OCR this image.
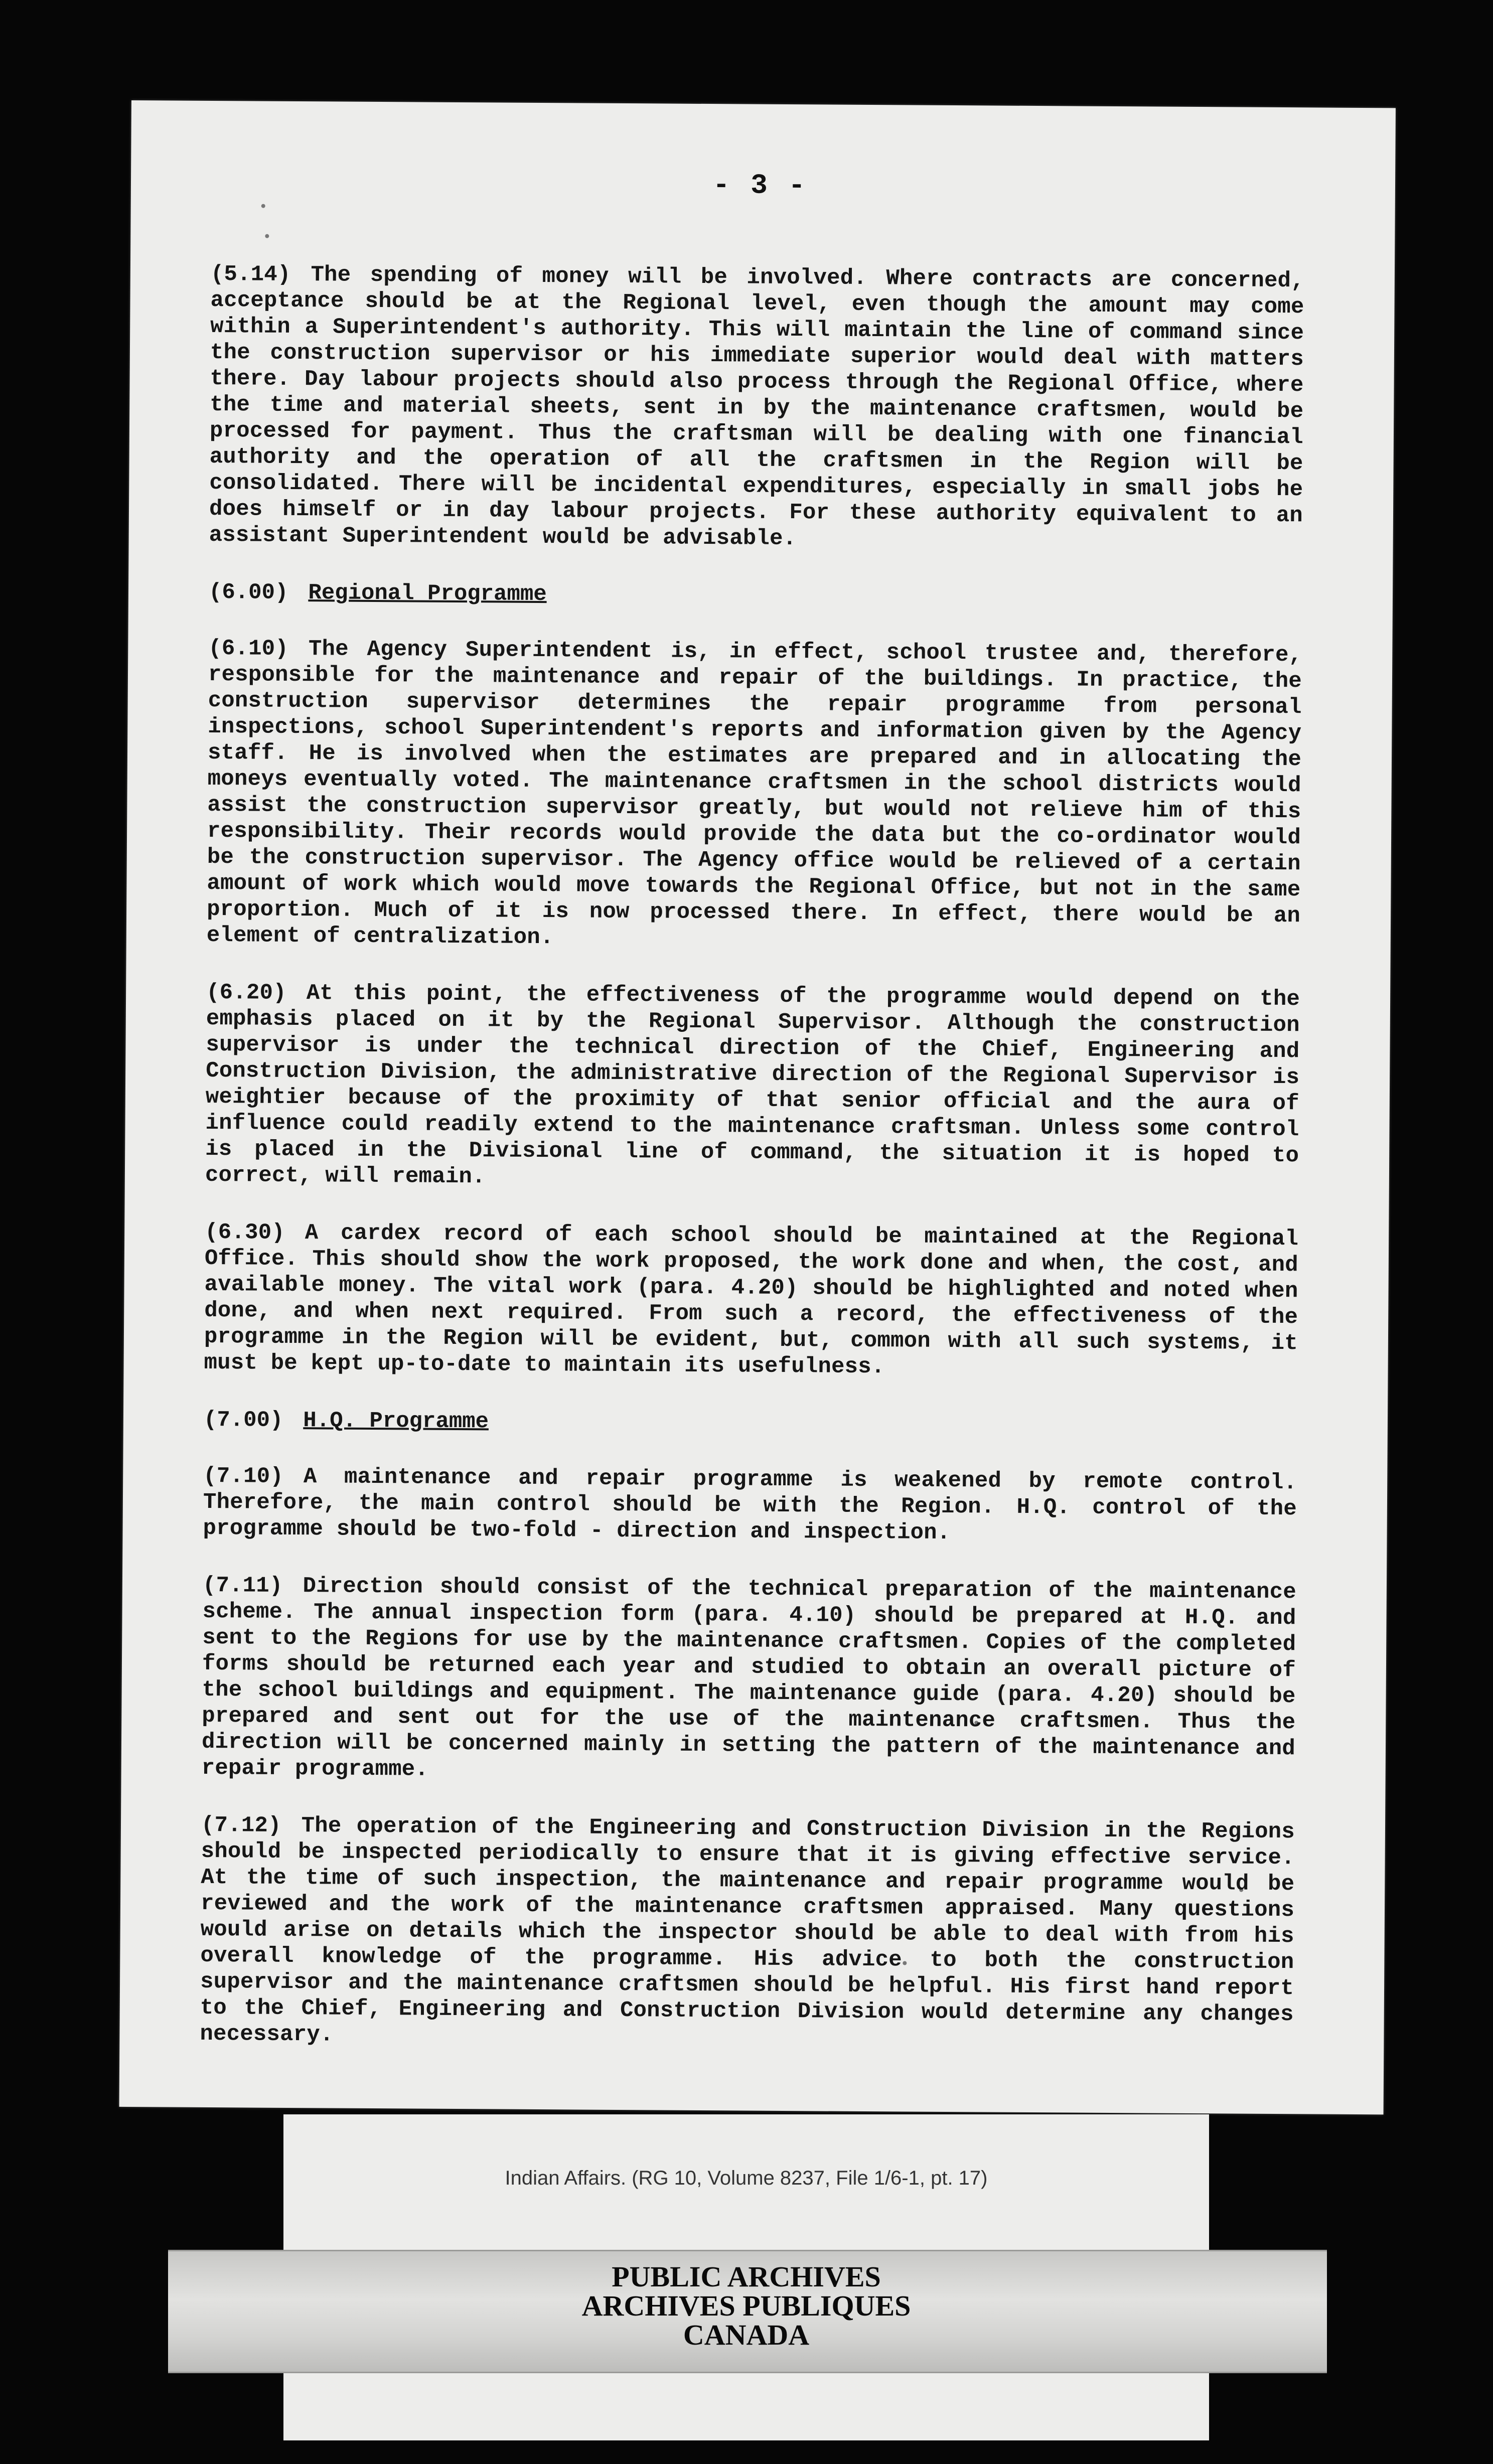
- 3 -

(5.14) The spending of money will be involved. Where contracts are concerned, acceptance should be at the Regional level, even though the amount may come within a Superintendent's authority. This will maintain the line of command since the construction supervisor or his immediate superior would deal with matters there. Day labour projects should also process through the Regional Office, where the time and material sheets, sent in by the maintenance craftsmen, would be processed for payment. Thus the craftsman will be dealing with one financial authority and the operation of all the craftsmen in the Region will be consolidated. There will be incidental expenditures, especially in small jobs he does himself or in day labour projects. For these authority equivalent to an assistant Superintendent would be advisable.

(6.00) Regional Programme

(6.10) The Agency Superintendent is, in effect, school trustee and, therefore, responsible for the maintenance and repair of the buildings. In practice, the construction supervisor determines the repair programme from personal inspections, school Superintendent's reports and information given by the Agency staff. He is involved when the estimates are prepared and in allocating the moneys eventually voted. The maintenance craftsmen in the school districts would assist the construction supervisor greatly, but would not relieve him of this responsibility. Their records would provide the data but the co-ordinator would be the construction supervisor. The Agency office would be relieved of a certain amount of work which would move towards the Regional Office, but not in the same proportion. Much of it is now processed there. In effect, there would be an element of centralization.

(6.20) At this point, the effectiveness of the programme would depend on the emphasis placed on it by the Regional Supervisor. Although the construction supervisor is under the technical direction of the Chief, Engineering and Construction Division, the administrative direction of the Regional Supervisor is weightier because of the proximity of that senior official and the aura of influence could readily extend to the maintenance craftsman. Unless some control is placed in the Divisional line of command, the situation it is hoped to correct, will remain.

(6.30) A cardex record of each school should be maintained at the Regional Office. This should show the work proposed, the work done and when, the cost, and available money. The vital work (para. 4.20) should be highlighted and noted when done, and when next required. From such a record, the effectiveness of the programme in the Region will be evident, but, common with all such systems, it must be kept up-to-date to maintain its usefulness.

(7.00) H.Q. Programme

(7.10) A maintenance and repair programme is weakened by remote control. Therefore, the main control should be with the Region. H.Q. control of the programme should be two-fold - direction and inspection.

(7.11) Direction should consist of the technical preparation of the maintenance scheme. The annual inspection form (para. 4.10) should be prepared at H.Q. and sent to the Regions for use by the maintenance craftsmen. Copies of the completed forms should be returned each year and studied to obtain an overall picture of the school buildings and equipment. The maintenance guide (para. 4.20) should be prepared and sent out for the use of the maintenance craftsmen. Thus the direction will be concerned mainly in setting the pattern of the maintenance and repair programme.

(7.12) The operation of the Engineering and Construction Division in the Regions should be inspected periodically to ensure that it is giving effective service. At the time of such inspection, the maintenance and repair programme would be reviewed and the work of the maintenance craftsmen appraised. Many questions would arise on details which the inspector should be able to deal with from his overall knowledge of the programme. His advice to both the construction supervisor and the maintenance craftsmen should be helpful. His first hand report to the Chief, Engineering and Construction Division would determine any changes necessary.

Indian Affairs. (RG 10, Volume 8237, File 1/6-1, pt. 17)
PUBLIC ARCHIVES
ARCHIVES PUBLIQUES
CANADA
